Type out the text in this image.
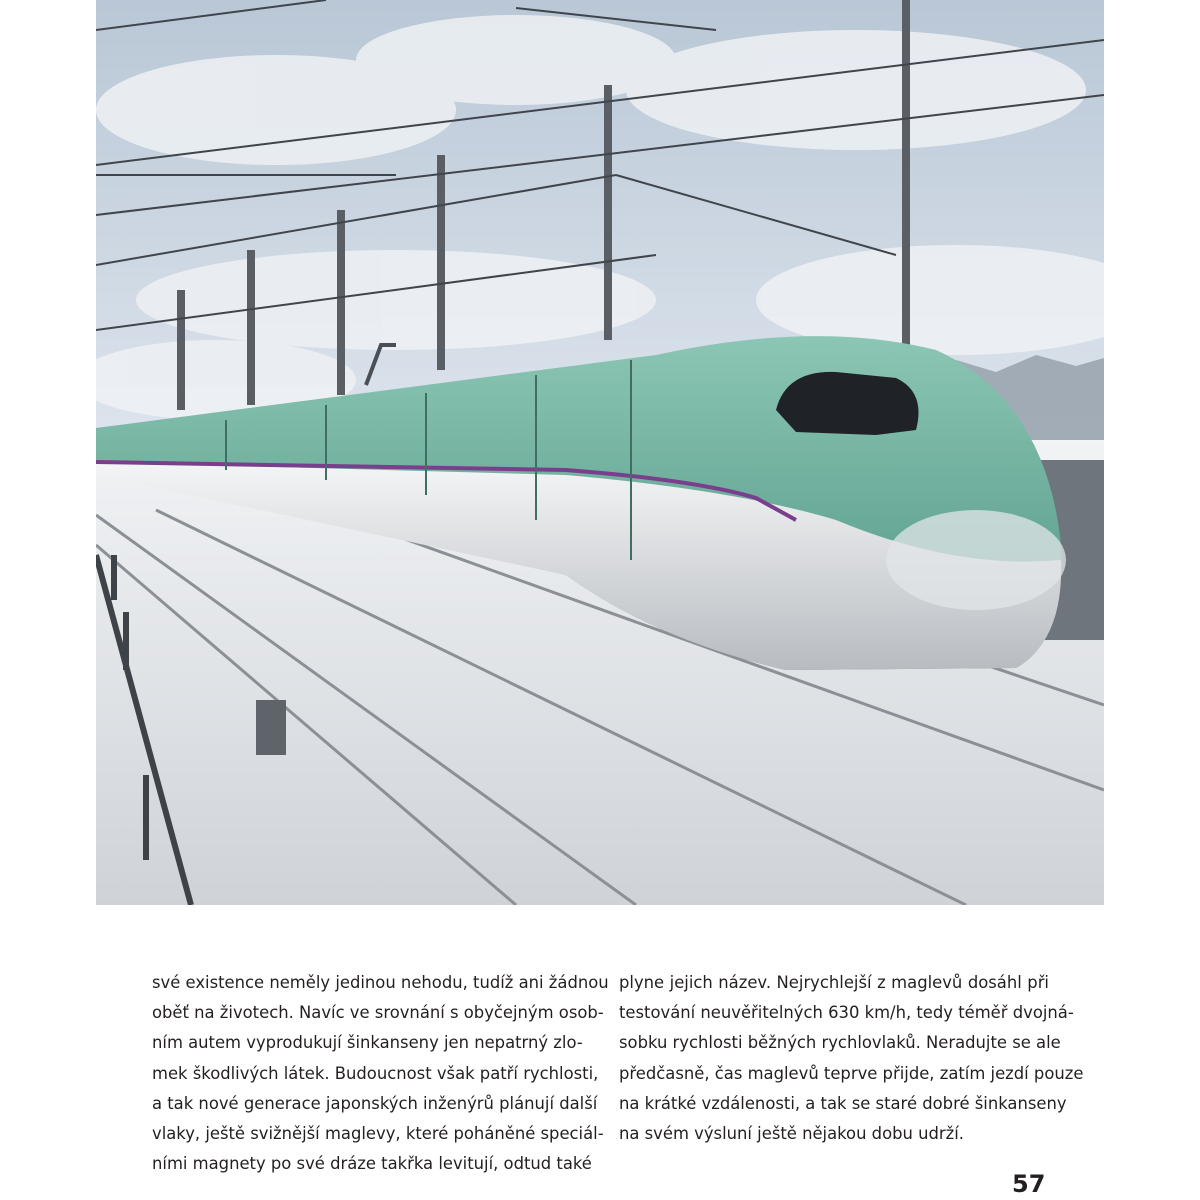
své existence neměly jedinou nehodu, tudíž ani žádnou

oběť na životech. Navíc ve srovnání s obyčejným osob-

ním autem vyprodukují šinkanseny jen nepatrný zlo-

mek škodlivých látek. Budoucnost však patří rychlosti,

a tak nové generace japonských inženýrů plánují další

vlaky, ještě svižnější maglevy, které poháněné speciál-

ními magnety po své dráze takřka levitují, odtud také

plyne jejich název. Nejrychlejší z maglevů dosáhl při

testování neuvěřitelných 630 km/h, tedy téměř dvojná-

sobku rychlosti běžných rychlovlaků. Neradujte se ale

předčasně, čas maglevů teprve přijde, zatím jezdí pouze

na krátké vzdálenosti, a tak se staré dobré šinkanseny

na svém výsluní ještě nějakou dobu udrží.

57
